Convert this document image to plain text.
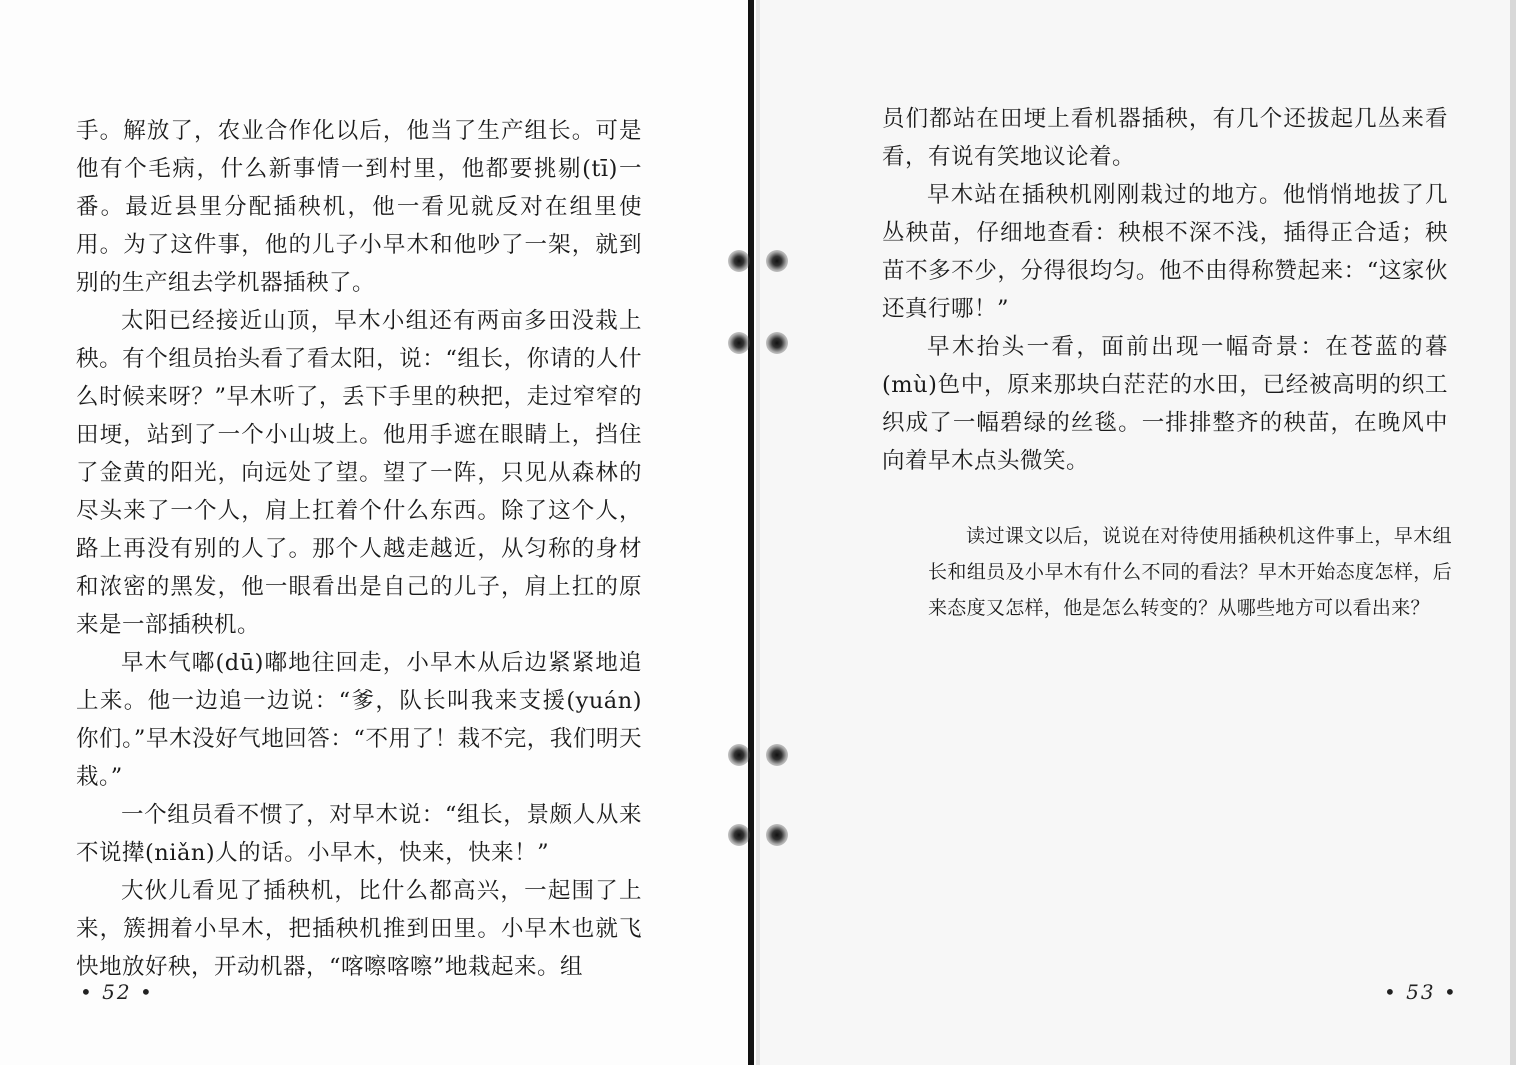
手。解放了，农业合作化以后，他当了生产组长。可是他有个毛病，什么新事情一到村里，他都要挑剔(tī)一番。最近县里分配插秧机，他一看见就反对在组里使用。为了这件事，他的儿子小早木和他吵了一架，就到别的生产组去学机器插秧了。

太阳已经接近山顶，早木小组还有两亩多田没栽上秧。有个组员抬头看了看太阳，说：“组长，你请的人什么时候来呀？”早木听了，丢下手里的秧把，走过窄窄的田埂，站到了一个小山坡上。他用手遮在眼睛上，挡住了金黄的阳光，向远处了望。望了一阵，只见从森林的尽头来了一个人，肩上扛着个什么东西。除了这个人，路上再没有别的人了。那个人越走越近，从匀称的身材和浓密的黑发，他一眼看出是自己的儿子，肩上扛的原来是一部插秧机。

早木气嘟(dū)嘟地往回走，小早木从后边紧紧地追上来。他一边追一边说：“爹，队长叫我来支援(yuán)你们。”早木没好气地回答：“不用了！栽不完，我们明天栽。”

一个组员看不惯了，对早木说：“组长，景颇人从来不说撵(niǎn)人的话。小早木，快来，快来！”

大伙儿看见了插秧机，比什么都高兴，一起围了上来，簇拥着小早木，把插秧机推到田里。小早木也就飞快地放好秧，开动机器，“喀嚓喀嚓”地栽起来。组

• 52 •

员们都站在田埂上看机器插秧，有几个还拔起几丛来看看，有说有笑地议论着。

早木站在插秧机刚刚栽过的地方。他悄悄地拔了几丛秧苗，仔细地查看：秧根不深不浅，插得正合适；秧苗不多不少，分得很均匀。他不由得称赞起来：“这家伙还真行哪！”

早木抬头一看，面前出现一幅奇景：在苍蓝的暮(mù)色中，原来那块白茫茫的水田，已经被高明的织工织成了一幅碧绿的丝毯。一排排整齐的秧苗，在晚风中向着早木点头微笑。

读过课文以后，说说在对待使用插秧机这件事上，早木组长和组员及小早木有什么不同的看法？早木开始态度怎样，后来态度又怎样，他是怎么转变的？从哪些地方可以看出来？

• 53 •
